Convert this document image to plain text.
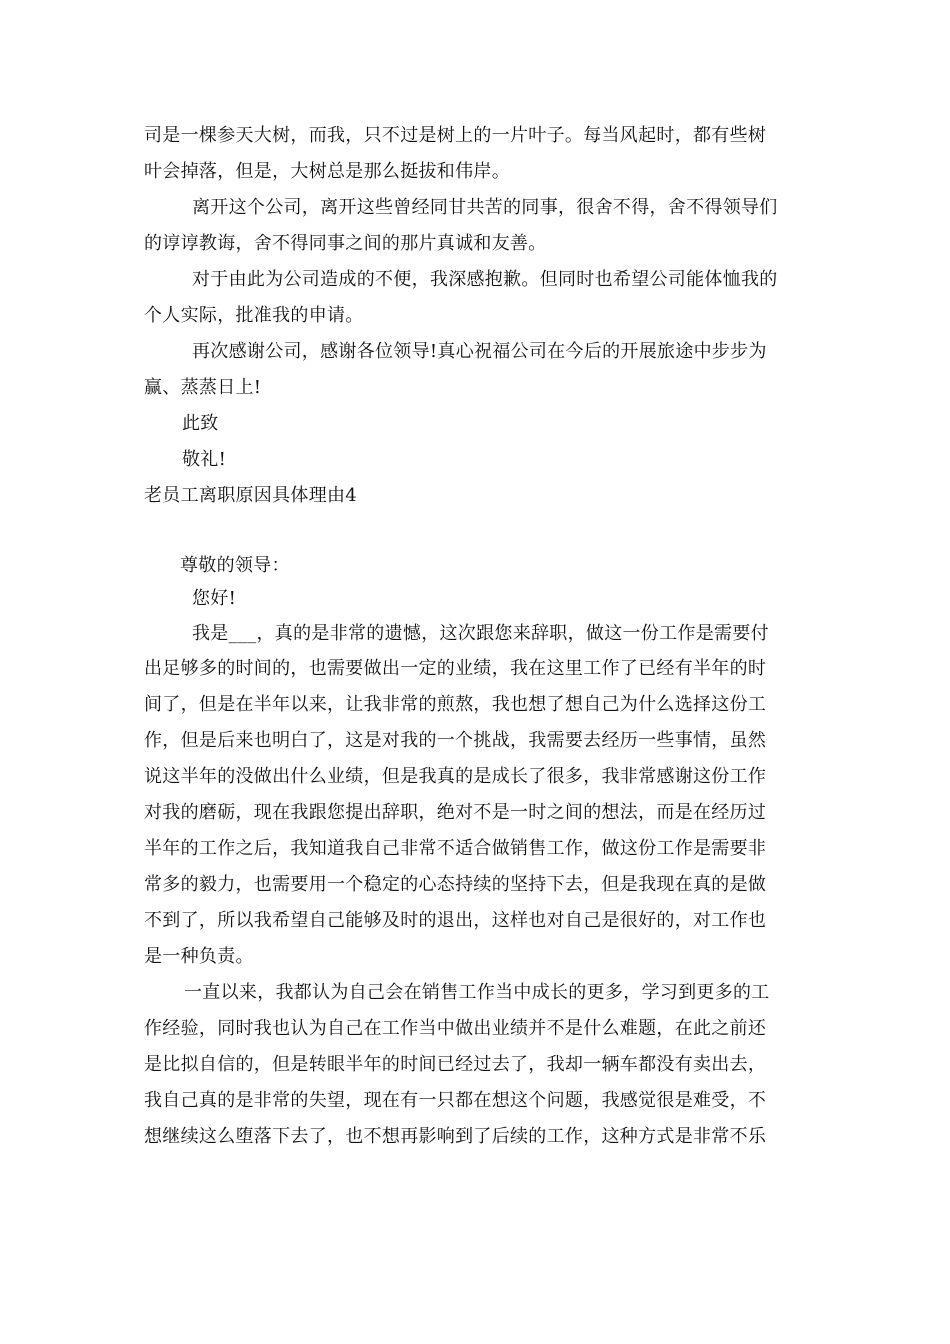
司是一棵参天大树，而我，只不过是树上的一片叶子。每当风起时，都有些树
叶会掉落，但是，大树总是那么挺拔和伟岸。
离开这个公司，离开这些曾经同甘共苦的同事，很舍不得，舍不得领导们
的谆谆教诲，舍不得同事之间的那片真诚和友善。
对于由此为公司造成的不便，我深感抱歉。但同时也希望公司能体恤我的
个人实际，批准我的申请。
再次感谢公司，感谢各位领导!真心祝福公司在今后的开展旅途中步步为
赢、蒸蒸日上!
此致
敬礼!
老员工离职原因具体理由4
尊敬的领导：
您好!
我是___，真的是非常的遗憾，这次跟您来辞职，做这一份工作是需要付
出足够多的时间的，也需要做出一定的业绩，我在这里工作了已经有半年的时
间了，但是在半年以来，让我非常的煎熬，我也想了想自己为什么选择这份工
作，但是后来也明白了，这是对我的一个挑战，我需要去经历一些事情，虽然
说这半年的没做出什么业绩，但是我真的是成长了很多，我非常感谢这份工作
对我的磨砺，现在我跟您提出辞职，绝对不是一时之间的想法，而是在经历过
半年的工作之后，我知道我自己非常不适合做销售工作，做这份工作是需要非
常多的毅力，也需要用一个稳定的心态持续的坚持下去，但是我现在真的是做
不到了，所以我希望自己能够及时的退出，这样也对自己是很好的，对工作也
是一种负责。
一直以来，我都认为自己会在销售工作当中成长的更多，学习到更多的工
作经验，同时我也认为自己在工作当中做出业绩并不是什么难题，在此之前还
是比拟自信的，但是转眼半年的时间已经过去了，我却一辆车都没有卖出去，
我自己真的是非常的失望，现在有一只都在想这个问题，我感觉很是难受，不
想继续这么堕落下去了，也不想再影响到了后续的工作，这种方式是非常不乐
